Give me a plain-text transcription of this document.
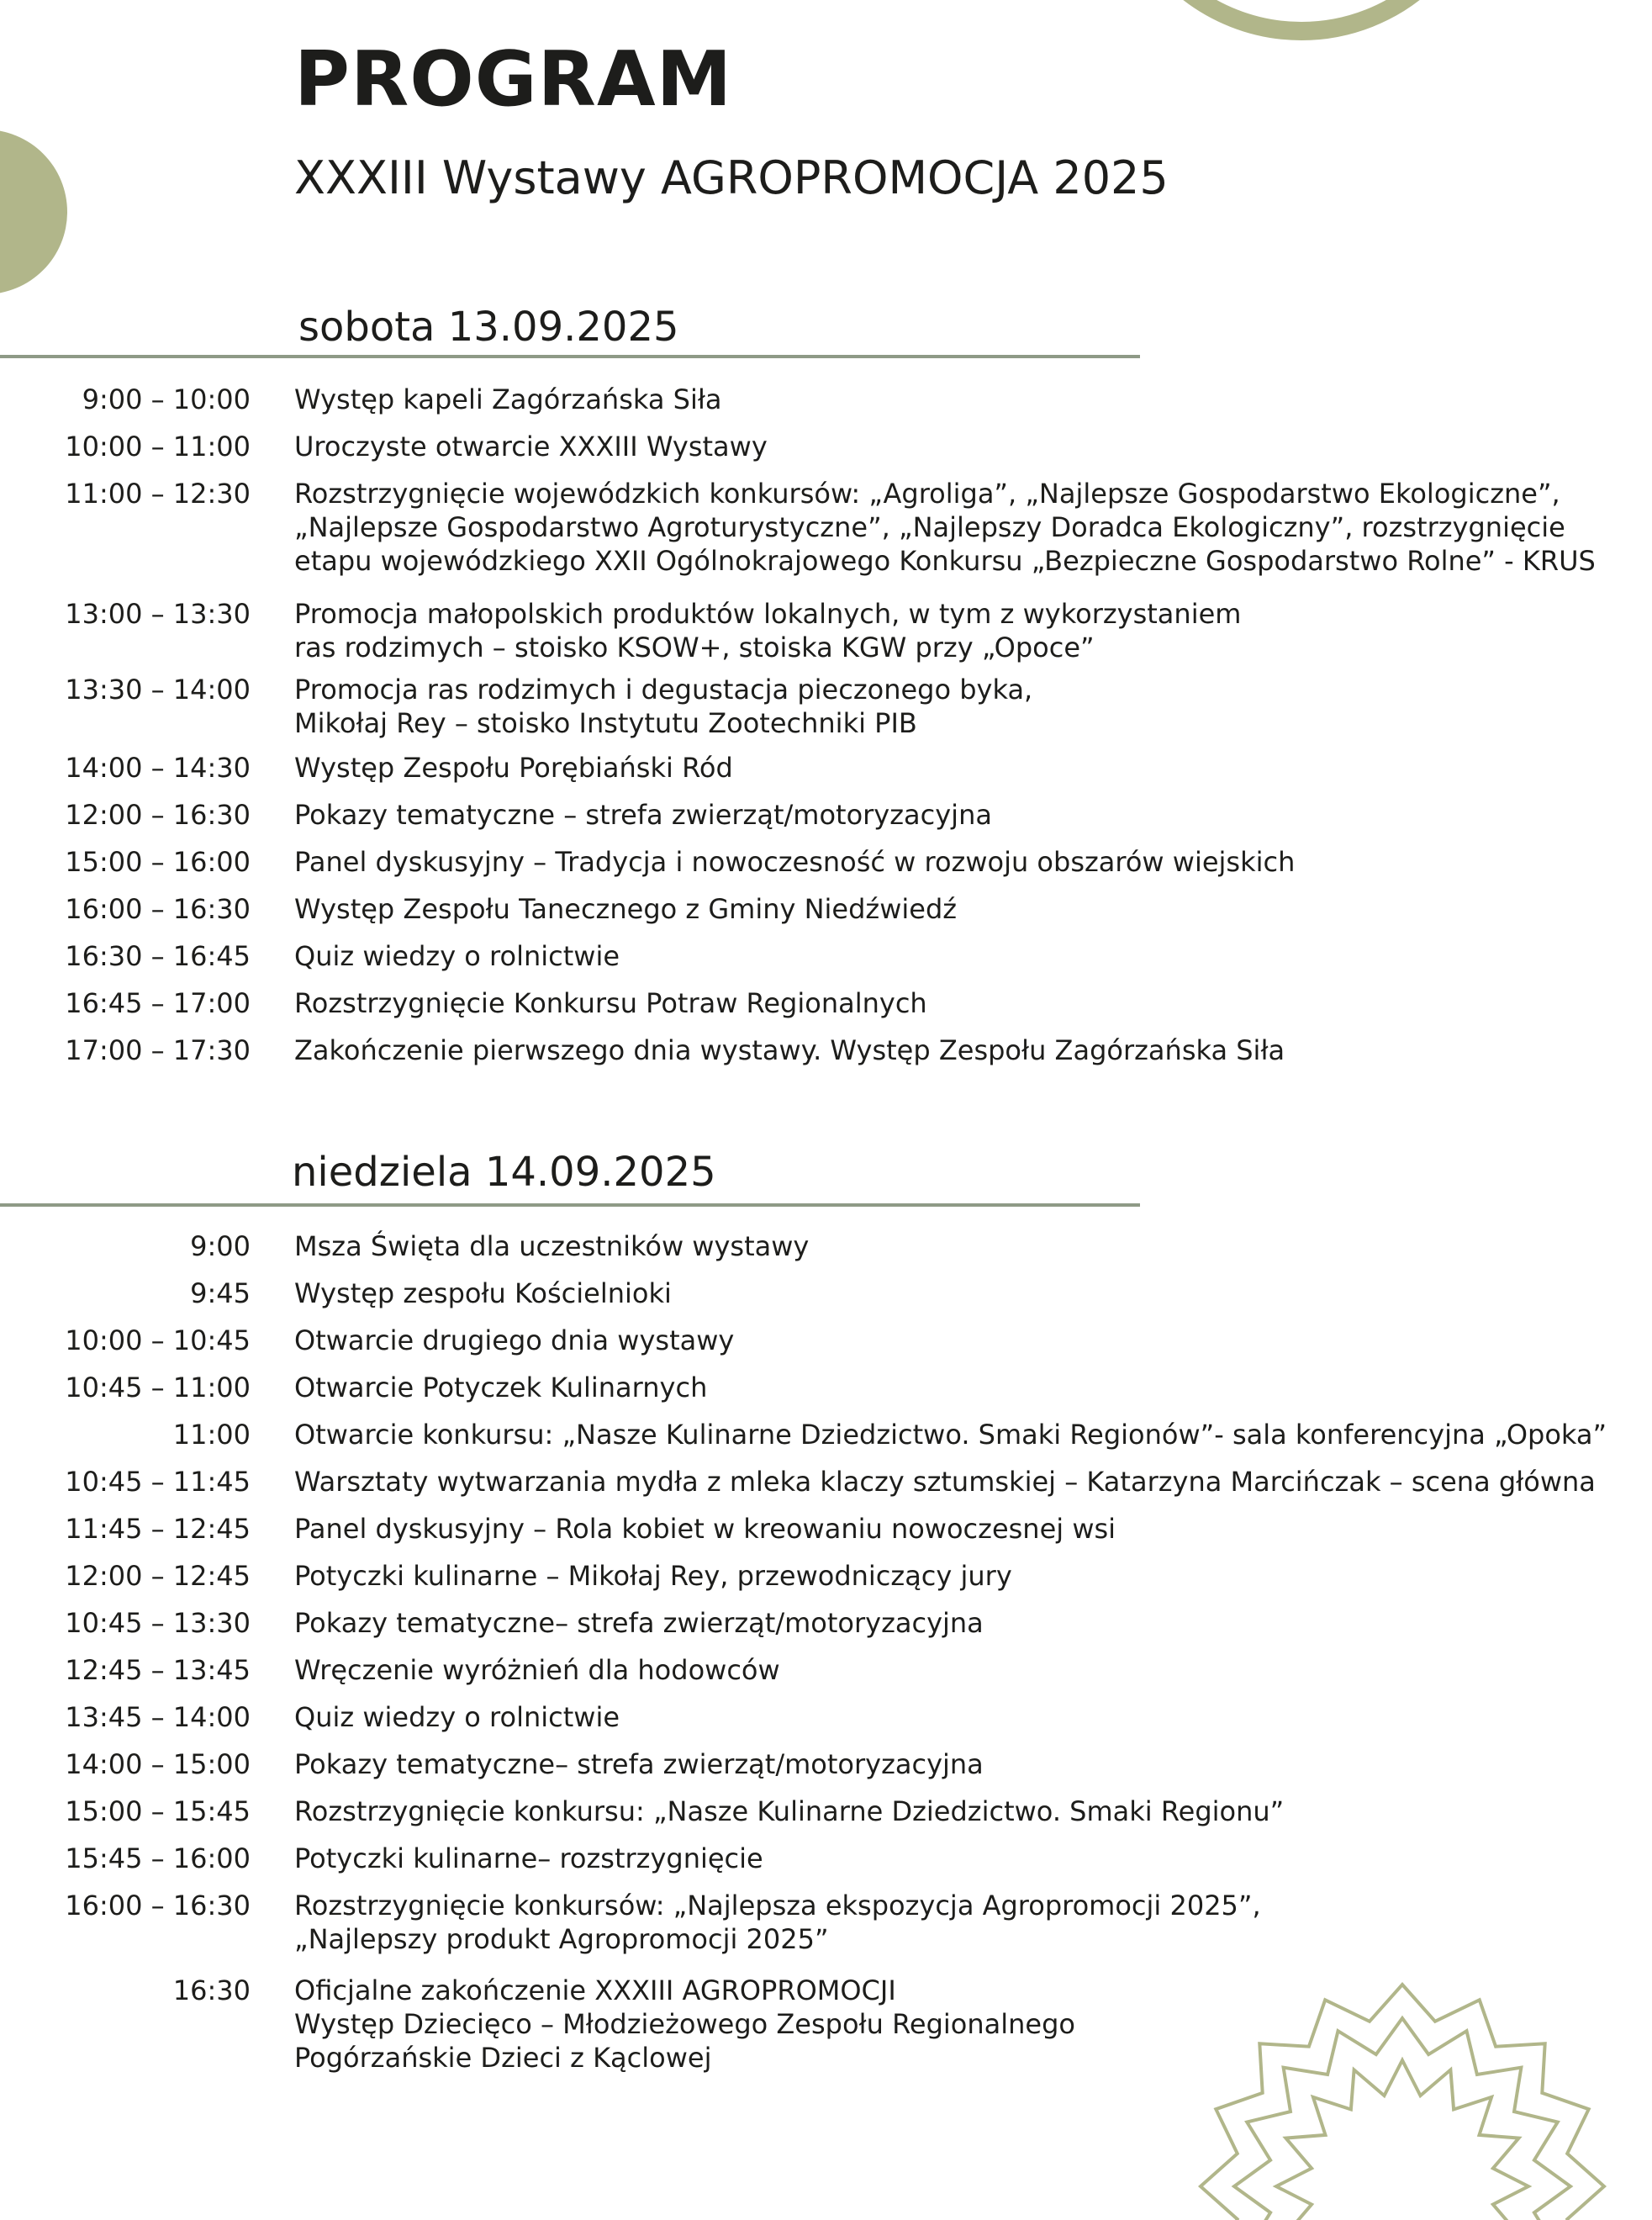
PROGRAM
XXXIII Wystawy AGROPROMOCJA 2025
sobota 13.09.2025
9:00 – 10:00 Występ kapeli Zagórzańska Siła
10:00 – 11:00 Uroczyste otwarcie XXXIII Wystawy
11:00 – 12:30 Rozstrzygnięcie wojewódzkich konkursów: „Agroliga”, „Najlepsze Gospodarstwo Ekologiczne”,
„Najlepsze Gospodarstwo Agroturystyczne”, „Najlepszy Doradca Ekologiczny”, rozstrzygnięcie
etapu wojewódzkiego XXII Ogólnokrajowego Konkursu „Bezpieczne Gospodarstwo Rolne” - KRUS
13:00 – 13:30 Promocja małopolskich produktów lokalnych, w tym z wykorzystaniem
ras rodzimych – stoisko KSOW+, stoiska KGW przy „Opoce”
13:30 – 14:00 Promocja ras rodzimych i degustacja pieczonego byka,
Mikołaj Rey – stoisko Instytutu Zootechniki PIB
14:00 – 14:30 Występ Zespołu Porębiański Ród
12:00 – 16:30 Pokazy tematyczne – strefa zwierząt/motoryzacyjna
15:00 – 16:00 Panel dyskusyjny – Tradycja i nowoczesność w rozwoju obszarów wiejskich
16:00 – 16:30 Występ Zespołu Tanecznego z Gminy Niedźwiedź
16:30 – 16:45 Quiz wiedzy o rolnictwie
16:45 – 17:00 Rozstrzygnięcie Konkursu Potraw Regionalnych
17:00 – 17:30 Zakończenie pierwszego dnia wystawy. Występ Zespołu Zagórzańska Siła
niedziela 14.09.2025
9:00 Msza Święta dla uczestników wystawy
9:45 Występ zespołu Kościelnioki
10:00 – 10:45 Otwarcie drugiego dnia wystawy
10:45 – 11:00 Otwarcie Potyczek Kulinarnych
11:00 Otwarcie konkursu: „Nasze Kulinarne Dziedzictwo. Smaki Regionów”- sala konferencyjna „Opoka”
10:45 – 11:45 Warsztaty wytwarzania mydła z mleka klaczy sztumskiej – Katarzyna Marcińczak – scena główna
11:45 – 12:45 Panel dyskusyjny – Rola kobiet w kreowaniu nowoczesnej wsi
12:00 – 12:45 Potyczki kulinarne – Mikołaj Rey, przewodniczący jury
10:45 – 13:30 Pokazy tematyczne– strefa zwierząt/motoryzacyjna
12:45 – 13:45 Wręczenie wyróżnień dla hodowców
13:45 – 14:00 Quiz wiedzy o rolnictwie
14:00 – 15:00 Pokazy tematyczne– strefa zwierząt/motoryzacyjna
15:00 – 15:45 Rozstrzygnięcie konkursu: „Nasze Kulinarne Dziedzictwo. Smaki Regionu”
15:45 – 16:00 Potyczki kulinarne– rozstrzygnięcie
16:00 – 16:30 Rozstrzygnięcie konkursów: „Najlepsza ekspozycja Agropromocji 2025”,
„Najlepszy produkt Agropromocji 2025”
16:30 Oficjalne zakończenie XXXIII AGROPROMOCJI
Występ Dziecięco – Młodzieżowego Zespołu Regionalnego
Pogórzańskie Dzieci z Kąclowej
